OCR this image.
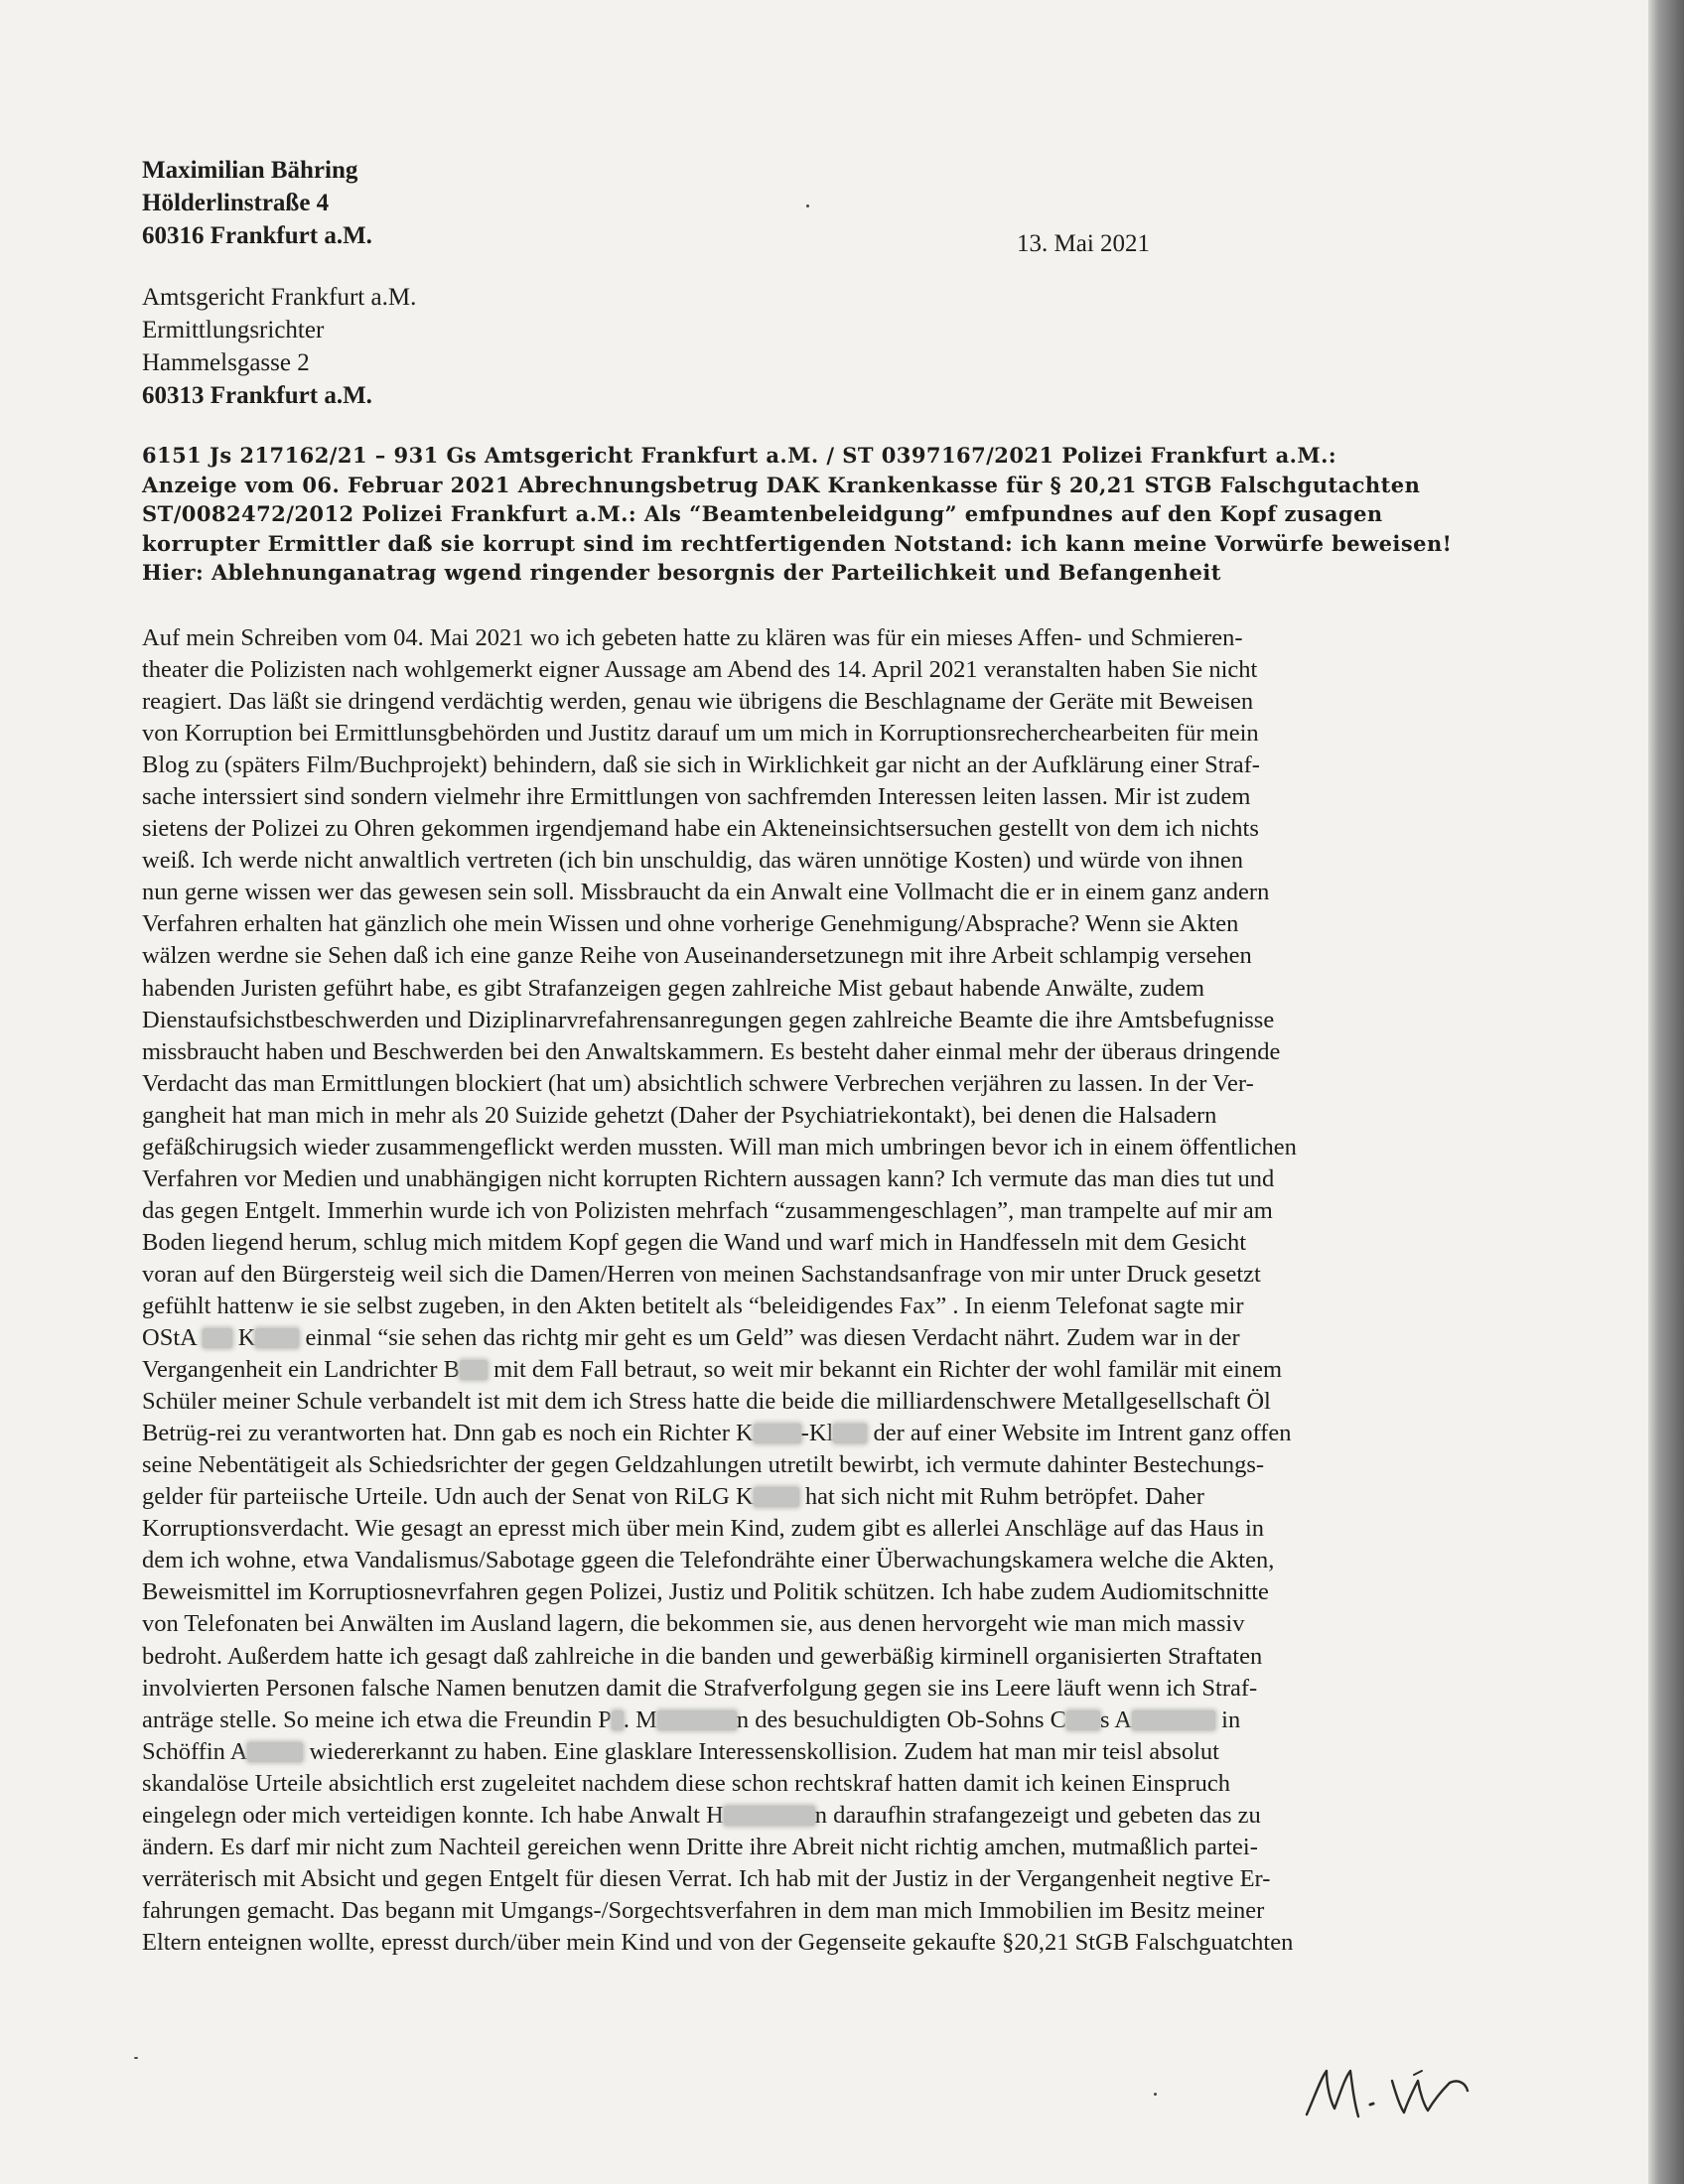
Maximilian Bähring
Hölderlinstraße 4
60316 Frankfurt a.M.	13. Mai 2021
Amtsgericht Frankfurt a.M.
Ermittlungsrichter
Hammelsgasse 2
60313 Frankfurt a.M.
6151 Js 217162/21 – 931 Gs Amtsgericht Frankfurt a.M. / ST 0397167/2021 Polizei Frankfurt a.M.:
Anzeige vom 06. Februar 2021 Abrechnungsbetrug DAK Krankenkasse für § 20,21 STGB Falschgutachten
ST/0082472/2012 Polizei Frankfurt a.M.: Als “Beamtenbeleidgung” emfpundnes auf den Kopf zusagen
korrupter Ermittler daß sie korrupt sind im rechtfertigenden Notstand: ich kann meine Vorwürfe beweisen!
Hier: Ablehnunganatrag wgend ringender besorgnis der Parteilichkeit und Befangenheit
Auf mein Schreiben vom 04. Mai 2021 wo ich gebeten hatte zu klären was für ein mieses Affen- und Schmieren-
theater die Polizisten nach wohlgemerkt eigner Aussage am Abend des 14. April 2021 veranstalten haben Sie nicht
reagiert. Das läßt sie dringend verdächtig werden, genau wie übrigens die Beschlagname der Geräte mit Beweisen
von Korruption bei Ermittlunsgbehörden und Justitz darauf um um mich in Korruptionsrecherchearbeiten für mein
Blog zu (späters Film/Buchprojekt) behindern, daß sie sich in Wirklichkeit gar nicht an der Aufklärung einer Straf-
sache interssiert sind sondern vielmehr ihre Ermittlungen von sachfremden Interessen leiten lassen. Mir ist zudem
sietens der Polizei zu Ohren gekommen irgendjemand habe ein Akteneinsichtsersuchen gestellt von dem ich nichts
weiß. Ich werde nicht anwaltlich vertreten (ich bin unschuldig, das wären unnötige Kosten) und würde von ihnen
nun gerne wissen wer das gewesen sein soll. Missbraucht da ein Anwalt eine Vollmacht die er in einem ganz andern
Verfahren erhalten hat gänzlich ohe mein Wissen und ohne vorherige Genehmigung/Absprache? Wenn sie Akten
wälzen werdne sie Sehen daß ich eine ganze Reihe von Auseinandersetzunegn mit ihre Arbeit schlampig versehen
habenden Juristen geführt habe, es gibt Strafanzeigen gegen zahlreiche Mist gebaut habende Anwälte, zudem
Dienstaufsichstbeschwerden und Diziplinarvrefahrensanregungen gegen zahlreiche Beamte die ihre Amtsbefugnisse
missbraucht haben und Beschwerden bei den Anwaltskammern. Es besteht daher einmal mehr der überaus dringende
Verdacht das man Ermittlungen blockiert (hat um) absichtlich schwere Verbrechen verjähren zu lassen. In der Ver-
gangheit hat man mich in mehr als 20 Suizide gehetzt (Daher der Psychiatriekontakt), bei denen die Halsadern
gefäßchirugsich wieder zusammengeflickt werden mussten. Will man mich umbringen bevor ich in einem öffentlichen
Verfahren vor Medien und unabhängigen nicht korrupten Richtern aussagen kann? Ich vermute das man dies tut und
das gegen Entgelt. Immerhin wurde ich von Polizisten mehrfach “zusammengeschlagen”, man trampelte auf mir am
Boden liegend herum, schlug mich mitdem Kopf gegen die Wand und warf mich in Handfesseln mit dem Gesicht
voran auf den Bürgersteig weil sich die Damen/Herren von meinen Sachstandsanfrage von mir unter Druck gesetzt
gefühlt hattenw ie sie selbst zugeben, in den Akten betitelt als “beleidigendes Fax” . In eienm Telefonat sagte mir
OStA K einmal “sie sehen das richtg mir geht es um Geld” was diesen Verdacht nährt. Zudem war in der
Vergangenheit ein Landrichter B mit dem Fall betraut, so weit mir bekannt ein Richter der wohl familär mit einem
Schüler meiner Schule verbandelt ist mit dem ich Stress hatte die beide die milliardenschwere Metallgesellschaft Öl
Betrüg-rei zu verantworten hat. Dnn gab es noch ein Richter K -Kl der auf einer Website im Intrent ganz offen
seine Nebentätigeit als Schiedsrichter der gegen Geldzahlungen utretilt bewirbt, ich vermute dahinter Bestechungs-
gelder für parteiische Urteile. Udn auch der Senat von RiLG K hat sich nicht mit Ruhm betröpfet. Daher
Korruptionsverdacht. Wie gesagt an epresst mich über mein Kind, zudem gibt es allerlei Anschläge auf das Haus in
dem ich wohne, etwa Vandalismus/Sabotage ggeen die Telefondrähte einer Überwachungskamera welche die Akten,
Beweismittel im Korruptiosnevrfahren gegen Polizei, Justiz und Politik schützen. Ich habe zudem Audiomitschnitte
von Telefonaten bei Anwälten im Ausland lagern, die bekommen sie, aus denen hervorgeht wie man mich massiv
bedroht. Außerdem hatte ich gesagt daß zahlreiche in die banden und gewerbäßig kirminell organisierten Straftaten
involvierten Personen falsche Namen benutzen damit die Strafverfolgung gegen sie ins Leere läuft wenn ich Straf-
anträge stelle. So meine ich etwa die Freundin P . M	n des besuchuldigten Ob-Sohns C s A	in
Schöffin A	wiedererkannt zu haben. Eine glasklare Interessenskollision. Zudem hat man mir teisl absolut
skandalöse Urteile absichtlich erst zugeleitet nachdem diese schon rechtskraf hatten damit ich keinen Einspruch
eingelegn oder mich verteidigen konnte. Ich habe Anwalt H	n daraufhin strafangezeigt und gebeten das zu
ändern. Es darf mir nicht zum Nachteil gereichen wenn Dritte ihre Abreit nicht richtig amchen, mutmaßlich partei-
verräterisch mit Absicht und gegen Entgelt für diesen Verrat. Ich hab mit der Justiz in der Vergangenheit negtive Er-
fahrungen gemacht. Das begann mit Umgangs-/Sorgechtsverfahren in dem man mich Immobilien im Besitz meiner
Eltern enteignen wollte, epresst durch/über mein Kind und von der Gegenseite gekaufte §20,21 StGB Falschguatchten
